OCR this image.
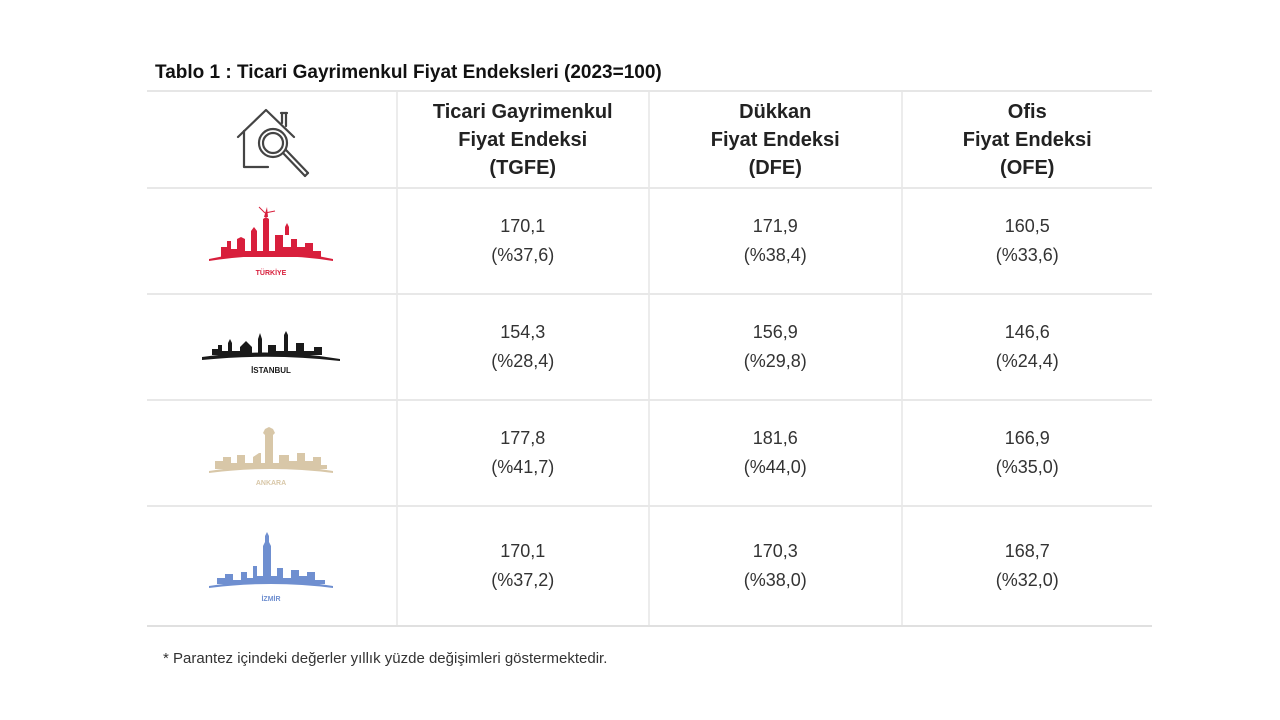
Tablo 1 : Ticari Gayrimenkul Fiyat Endeksleri (2023=100)
Ticari Gayrimenkul
Fiyat Endeksi
(TGFE)
Dükkan
Fiyat Endeksi
(DFE)
Ofis
Fiyat Endeksi
(OFE)
TÜRKİYE
170,1
(%37,6)
171,9
(%38,4)
160,5
(%33,6)
İSTANBUL
154,3
(%28,4)
156,9
(%29,8)
146,6
(%24,4)
ANKARA
177,8
(%41,7)
181,6
(%44,0)
166,9
(%35,0)
İZMİR
170,1
(%37,2)
170,3
(%38,0)
168,7
(%32,0)
* Parantez içindeki değerler yıllık yüzde değişimleri göstermektedir.
